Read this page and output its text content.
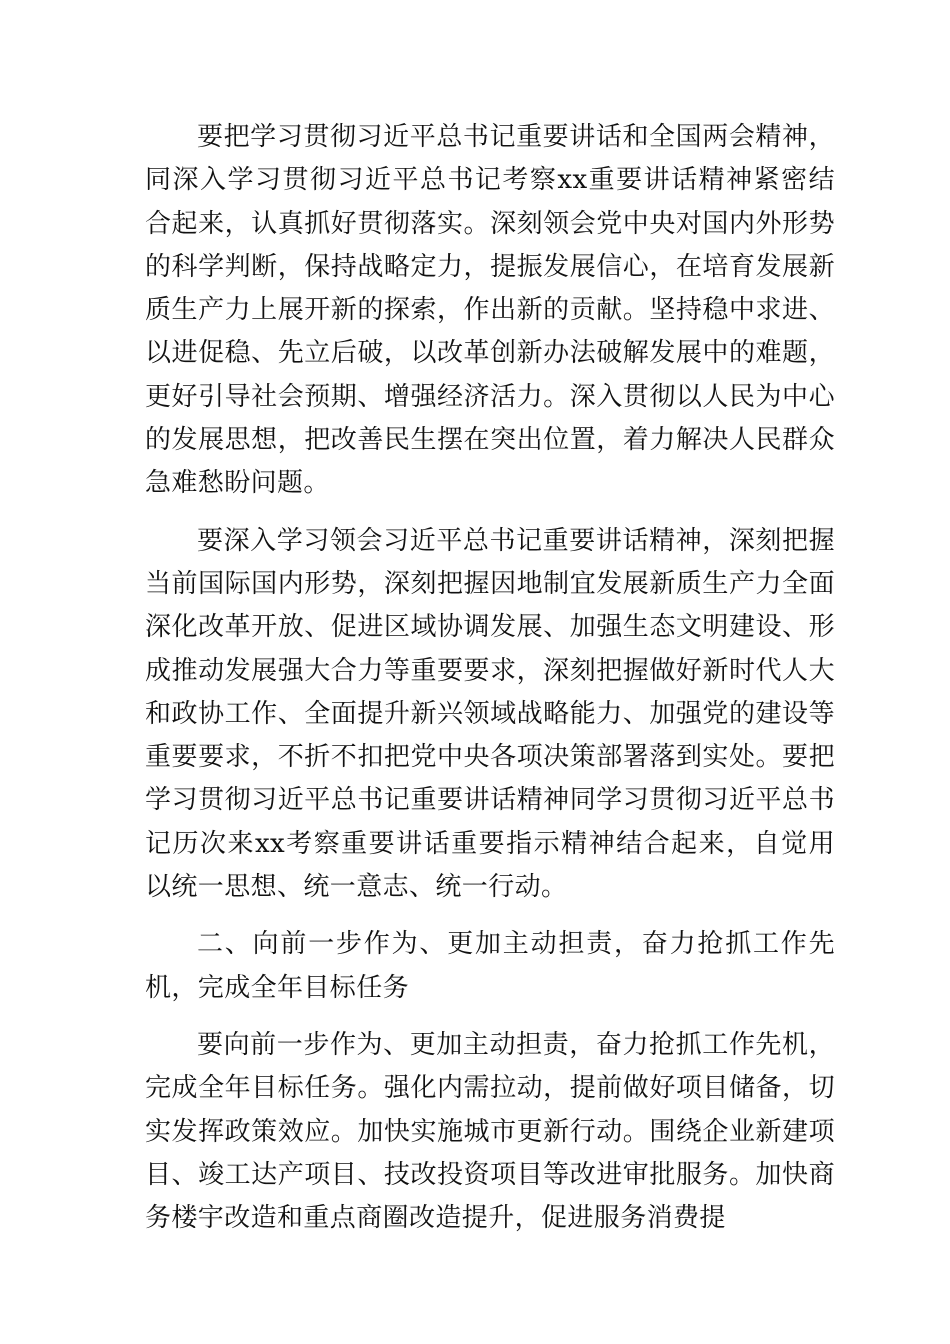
要把学习贯彻习近平总书记重要讲话和全国两会精神，同深入学习贯彻习近平总书记考察xx重要讲话精神紧密结合起来，认真抓好贯彻落实。深刻领会党中央对国内外形势的科学判断，保持战略定力，提振发展信心，在培育发展新质生产力上展开新的探索，作出新的贡献。坚持稳中求进、以进促稳、先立后破，以改革创新办法破解发展中的难题，更好引导社会预期、增强经济活力。深入贯彻以人民为中心的发展思想，把改善民生摆在突出位置，着力解决人民群众急难愁盼问题。

要深入学习领会习近平总书记重要讲话精神，深刻把握当前国际国内形势，深刻把握因地制宜发展新质生产力全面深化改革开放、促进区域协调发展、加强生态文明建设、形成推动发展强大合力等重要要求，深刻把握做好新时代人大和政协工作、全面提升新兴领域战略能力、加强党的建设等重要要求，不折不扣把党中央各项决策部署落到实处。要把学习贯彻习近平总书记重要讲话精神同学习贯彻习近平总书记历次来xx考察重要讲话重要指示精神结合起来，自觉用以统一思想、统一意志、统一行动。

二、向前一步作为、更加主动担责，奋力抢抓工作先机，完成全年目标任务

要向前一步作为、更加主动担责，奋力抢抓工作先机，完成全年目标任务。强化内需拉动，提前做好项目储备，切实发挥政策效应。加快实施城市更新行动。围绕企业新建项目、竣工达产项目、技改投资项目等改进审批服务。加快商务楼宇改造和重点商圈改造提升，促进服务消费提
